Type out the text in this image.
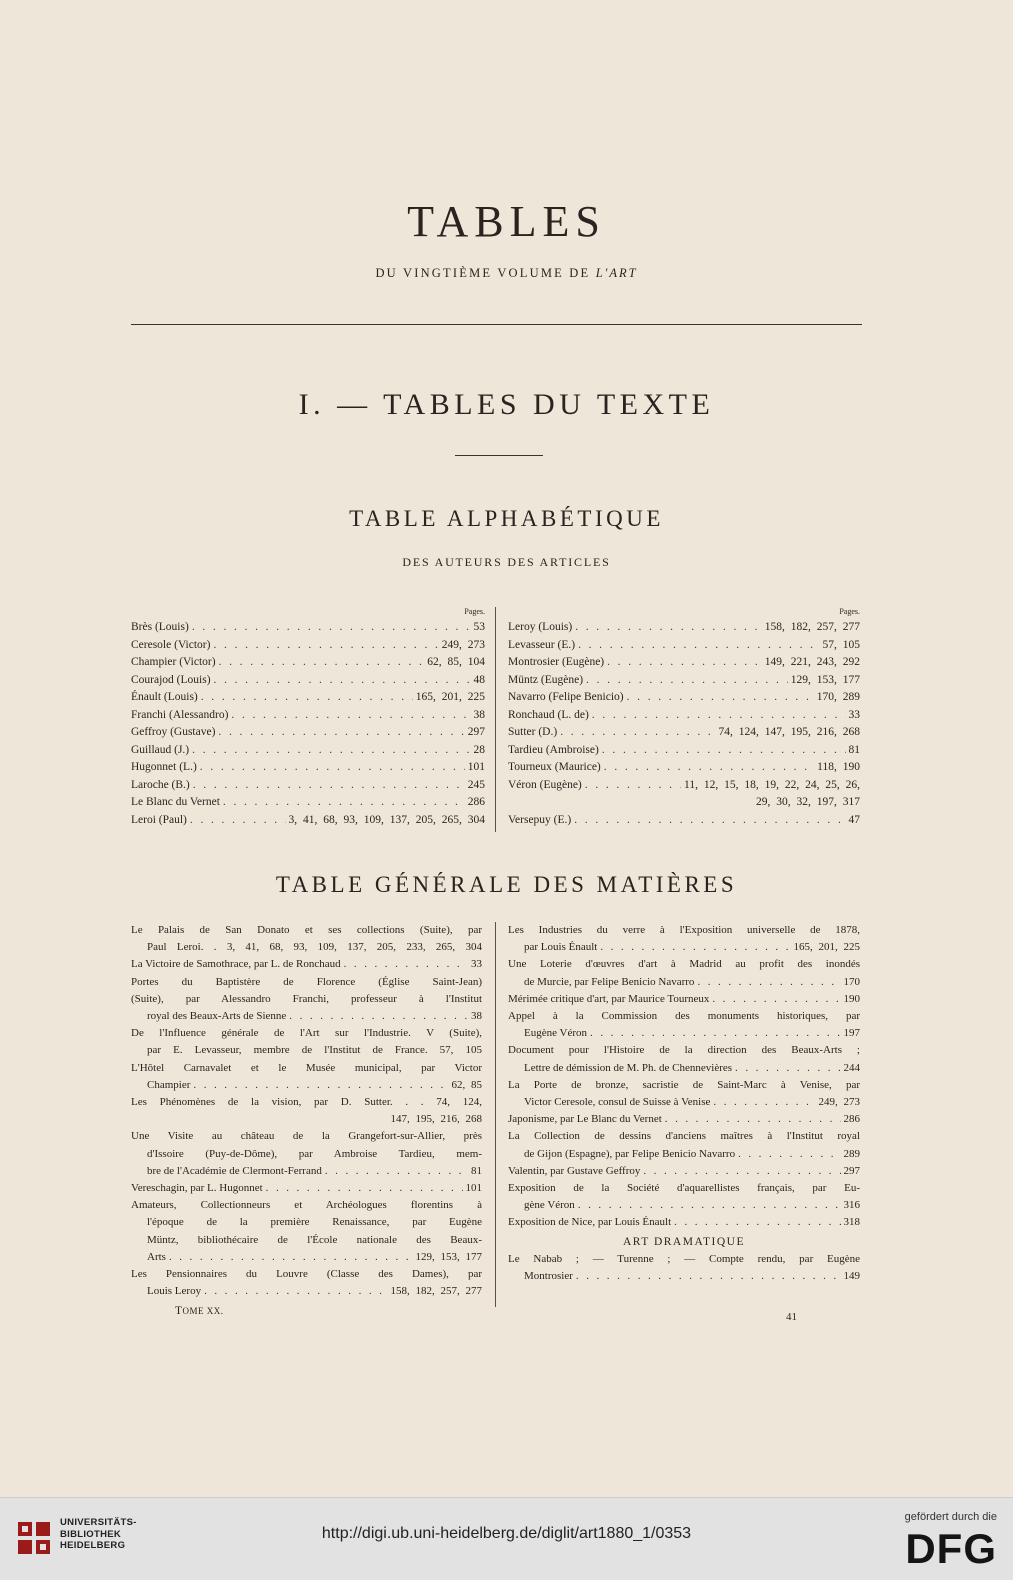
TABLES
DU VINGTIÈME VOLUME DE L'ART
I. — TABLES DU TEXTE
TABLE ALPHABÉTIQUE
DES AUTEURS DES ARTICLES
Pages.
Brès (Louis) . . .	53
Ceresole (Victor) . . .	249, 273
Champier (Victor) . . .	62, 85, 104
Courajod (Louis) . . .	48
Énault (Louis) . . .	165, 201, 225
Franchi (Alessandro) . . .	38
Geffroy (Gustave) . . .	297
Guillaud (J.) . . .	28
Hugonnet (L.) . . .	101
Laroche (B.) . . .	245
Le Blanc du Vernet . . .	286
Leroi (Paul) . . .	3, 41, 68, 93, 109, 137, 205, 265, 304
Pages.
Leroy (Louis) . . .	158, 182, 257, 277
Levasseur (E.) . . .	57, 105
Montrosier (Eugène) . . .	149, 221, 243, 292
Müntz (Eugène) . . .	129, 153, 177
Navarro (Felipe Benicio) . . .	170, 289
Ronchaud (L. de) . . .	33
Sutter (D.) . . .	74, 124, 147, 195, 216, 268
Tardieu (Ambroise) . . .	81
Tourneux (Maurice) . . .	118, 190
Véron (Eugène) . . .	11, 12, 15, 18, 19, 22, 24, 25, 26,
29, 30, 32, 197, 317
Versepuy (E.) . . .	47
TABLE GÉNÉRALE DES MATIÈRES
Le Palais de San Donato et ses collections (Suite), par
Paul Leroi. . 3, 41, 68, 93, 109, 137, 205, 233, 265, 304
La Victoire de Samothrace, par L. de Ronchaud . . .	33
Portes du Baptistère de Florence (Église Saint-Jean)
(Suite), par Alessandro Franchi, professeur à l'Institut
royal des Beaux-Arts de Sienne . . .	38
De l'Influence générale de l'Art sur l'Industrie. V (Suite),
par E. Levasseur, membre de l'Institut de France. 57, 105
L'Hôtel Carnavalet et le Musée municipal, par Victor
Champier . . .	62, 85
Les Phénomènes de la vision, par D. Sutter. . . 74, 124,
147, 195, 216, 268
Une Visite au château de la Grangefort-sur-Allier, près
d'Issoire (Puy-de-Dôme), par Ambroise Tardieu, mem-
bre de l'Académie de Clermont-Ferrand . . .	81
Vereschagin, par L. Hugonnet . . .	101
Amateurs, Collectionneurs et Archéologues florentins à
l'époque de la première Renaissance, par Eugène
Müntz, bibliothécaire de l'École nationale des Beaux-
Arts . . .	129, 153, 177
Les Pensionnaires du Louvre (Classe des Dames), par
Louis Leroy . . .	158, 182, 257, 277
Les Industries du verre à l'Exposition universelle de 1878,
par Louis Énault . . .	165, 201, 225
Une Loterie d'œuvres d'art à Madrid au profit des inondés
de Murcie, par Felipe Benicio Navarro . . .	170
Mérimée critique d'art, par Maurice Tourneux . . .	190
Appel à la Commission des monuments historiques, par
Eugène Véron . . .	197
Document pour l'Histoire de la direction des Beaux-Arts ;
Lettre de démission de M. Ph. de Chennevières . . .	244
La Porte de bronze, sacristie de Saint-Marc à Venise, par
Victor Ceresole, consul de Suisse à Venise . . .	249, 273
Japonisme, par Le Blanc du Vernet . . .	286
La Collection de dessins d'anciens maîtres à l'Institut royal
de Gijon (Espagne), par Felipe Benicio Navarro . . .	289
Valentin, par Gustave Geffroy . . .	297
Exposition de la Société d'aquarellistes français, par Eu-
gène Véron . . .	316
Exposition de Nice, par Louis Énault . . .	318
ART DRAMATIQUE
Le Nabab ; — Turenne ; — Compte rendu, par Eugène
Montrosier . . .	149
TOME XX.	41
UNIVERSITÄTS-
BIBLIOTHEK
HEIDELBERG
http://digi.ub.uni-heidelberg.de/diglit/art1880_1/0353
gefördert durch die
DFG
